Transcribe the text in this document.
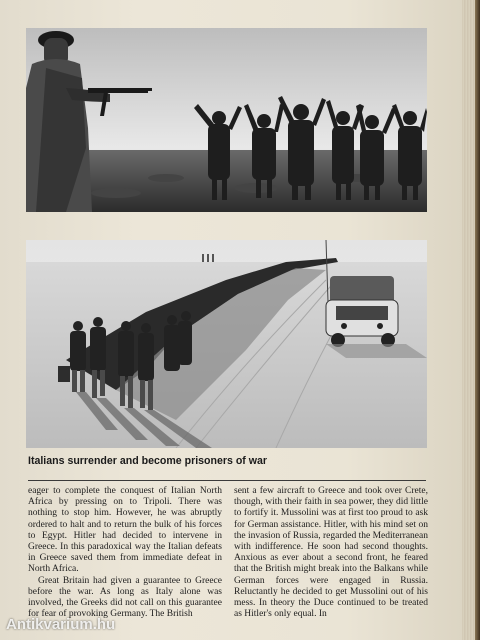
Italians surrender and become prisoners of war

eager to complete the conquest of Italian North Africa by pressing on to Tripoli. There was nothing to stop him. However, he was abruptly ordered to halt and to return the bulk of his forces to Egypt. Hitler had decided to intervene in Greece. In this paradoxical way the Italian defeats in Greece saved them from immediate defeat in North Africa.

Great Britain had given a guarantee to Greece before the war. As long as Italy alone was involved, the Greeks did not call on this guarantee for fear of provoking Germany. The British

sent a few aircraft to Greece and took over Crete, though, with their faith in sea power, they did little to fortify it. Mussolini was at first too proud to ask for German assistance. Hitler, with his mind set on the invasion of Russia, regarded the Mediterranean with indifference. He soon had second thoughts. Anxious as ever about a second front, he feared that the British might break into the Balkans while German forces were engaged in Russia. Reluctantly he decided to get Mussolini out of his mess. In theory the Duce continued to be treated as Hitler's only equal. In

Antikvarium.hu
